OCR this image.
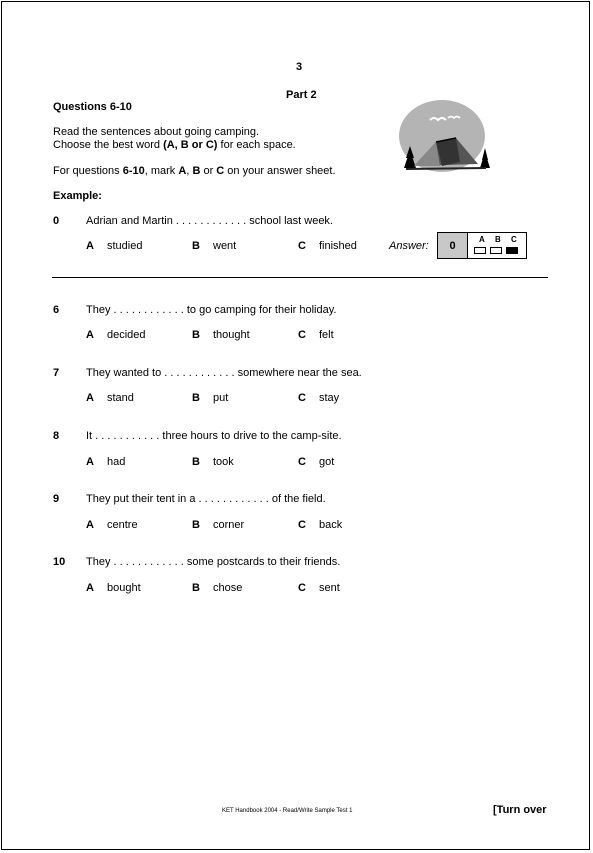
3
Part 2
Questions 6-10
Read the sentences about going camping.
Choose the best word (A, B or C) for each space.
For questions 6-10, mark A, B or C on your answer sheet.
Example:
0 Adrian and Martin . . . . . . . . . . . . school last week.
A studied	B went	C finished	Answer:	0	A B C
6 They . . . . . . . . . . . . to go camping for their holiday.
A decided	B thought	C felt
7 They wanted to . . . . . . . . . . . . somewhere near the sea.
A stand	B put	C stay
8 It . . . . . . . . . . . three hours to drive to the camp-site.
A had	B took	C got
9 They put their tent in a . . . . . . . . . . . . of the field.
A centre	B corner	C back
10 They . . . . . . . . . . . . some postcards to their friends.
A bought	B chose	C sent
KET Handbook 2004 - Read/Write Sample Test 1	[Turn over
